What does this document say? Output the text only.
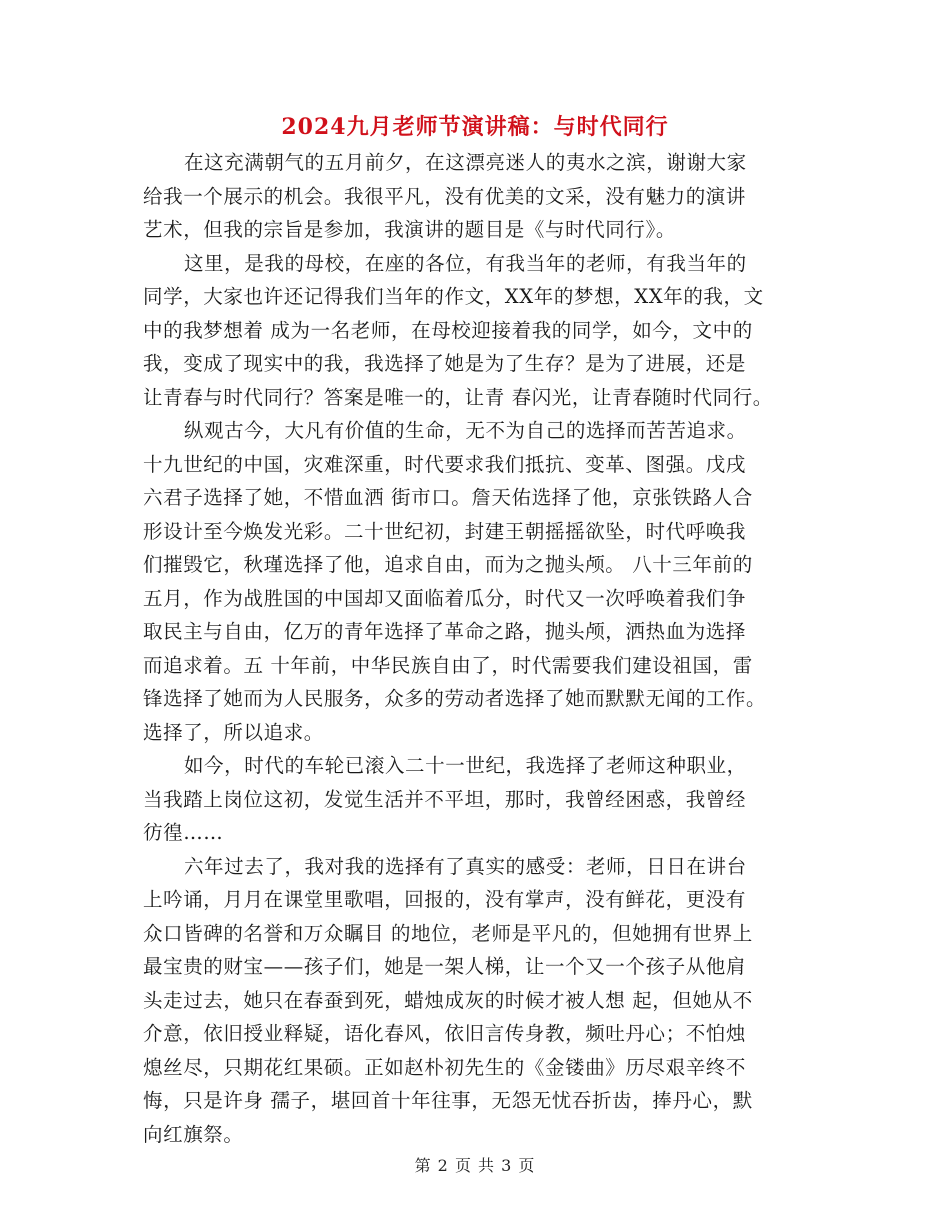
2024九月老师节演讲稿：与时代同行

在这充满朝气的五月前夕，在这漂亮迷人的夷水之滨，谢谢大家
给我一个展示的机会。我很平凡，没有优美的文采，没有魅力的演讲
艺术，但我的宗旨是参加，我演讲的题目是《与时代同行》。

这里，是我的母校，在座的各位，有我当年的老师，有我当年的
同学，大家也许还记得我们当年的作文，XX年的梦想，XX年的我，文
中的我梦想着 成为一名老师，在母校迎接着我的同学，如今，文中的
我，变成了现实中的我，我选择了她是为了生存？是为了进展，还是
让青春与时代同行？答案是唯一的，让青 春闪光，让青春随时代同行。

纵观古今，大凡有价值的生命，无不为自己的选择而苦苦追求。
十九世纪的中国，灾难深重，时代要求我们抵抗、变革、图强。戊戌
六君子选择了她，不惜血洒 街市口。詹天佑选择了他，京张铁路人合
形设计至今焕发光彩。二十世纪初，封建王朝摇摇欲坠，时代呼唤我
们摧毁它，秋瑾选择了他，追求自由，而为之抛头颅。 八十三年前的
五月，作为战胜国的中国却又面临着瓜分，时代又一次呼唤着我们争
取民主与自由，亿万的青年选择了革命之路，抛头颅，洒热血为选择
而追求着。五 十年前，中华民族自由了，时代需要我们建设祖国，雷
锋选择了她而为人民服务，众多的劳动者选择了她而默默无闻的工作。
选择了，所以追求。

如今，时代的车轮已滚入二十一世纪，我选择了老师这种职业，
当我踏上岗位这初，发觉生活并不平坦，那时，我曾经困惑，我曾经
彷徨……

六年过去了，我对我的选择有了真实的感受：老师，日日在讲台
上吟诵，月月在课堂里歌唱，回报的，没有掌声，没有鲜花，更没有
众口皆碑的名誉和万众瞩目 的地位，老师是平凡的，但她拥有世界上
最宝贵的财宝——孩子们，她是一架人梯，让一个又一个孩子从他肩
头走过去，她只在春蚕到死，蜡烛成灰的时候才被人想 起，但她从不
介意，依旧授业释疑，语化春风，依旧言传身教，频吐丹心；不怕烛
熄丝尽，只期花红果硕。正如赵朴初先生的《金镂曲》历尽艰辛终不
悔，只是许身 孺子，堪回首十年往事，无怨无忧吞折齿，捧丹心，默
向红旗祭。

第 2 页 共 3 页
